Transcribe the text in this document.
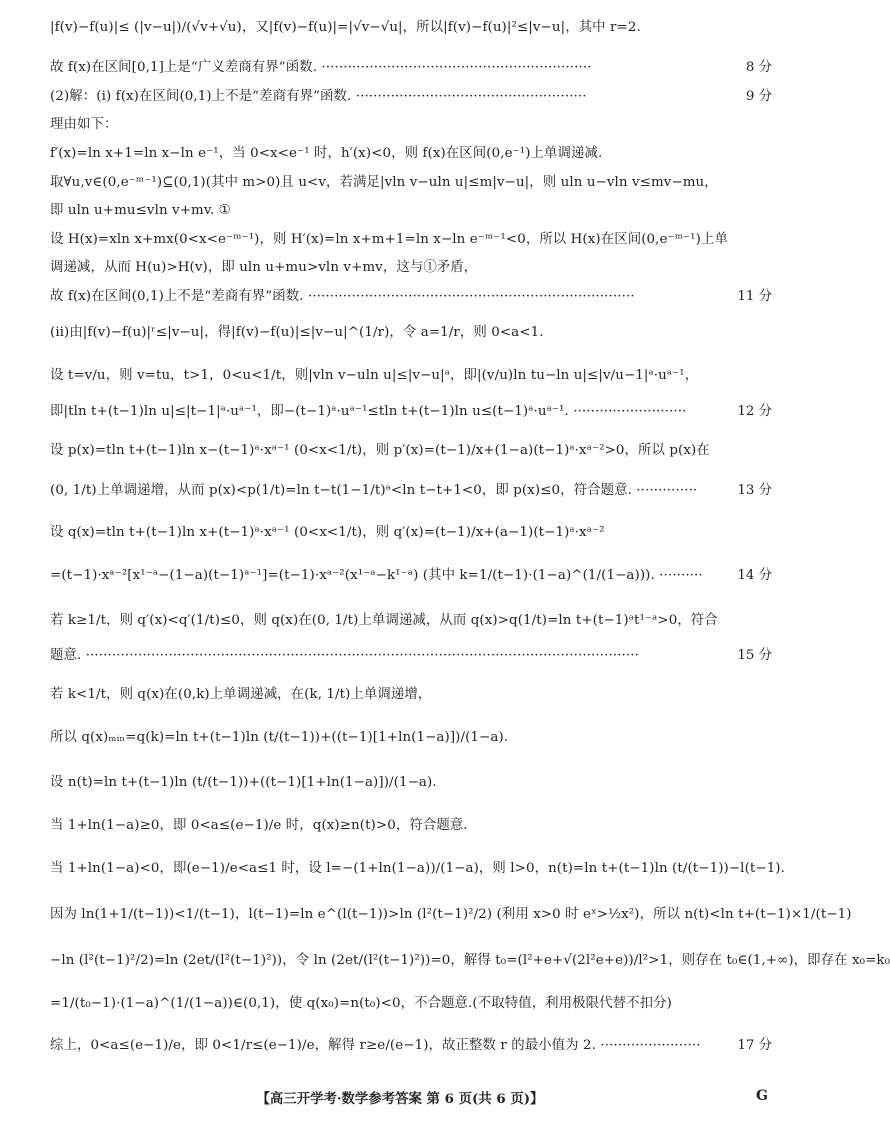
|f(v)−f(u)|≤ (|v−u|)/(√v+√u)，又|f(v)−f(u)|=|√v−√u|，所以|f(v)−f(u)|²≤|v−u|，其中 r=2.
故 f(x)在区间[0,1]上是“广义差商有界”函数. ······························································	8 分
(2)解：(ⅰ) f(x)在区间(0,1)上不是“差商有界”函数. ·····················································	9 分
理由如下：
f′(x)=ln x+1=ln x−ln e⁻¹，当 0<x<e⁻¹ 时，h′(x)<0，则 f(x)在区间(0,e⁻¹)上单调递减.
取∀u,v∈(0,e⁻ᵐ⁻¹)⊆(0,1)(其中 m>0)且 u<v，若满足|vln v−uln u|≤m|v−u|，则 uln u−vln v≤mv−mu，
即 uln u+mu≤vln v+mv. ①
设 H(x)=xln x+mx(0<x<e⁻ᵐ⁻¹)，则 H′(x)=ln x+m+1=ln x−ln e⁻ᵐ⁻¹<0，所以 H(x)在区间(0,e⁻ᵐ⁻¹)上单
调递减，从而 H(u)>H(v)，即 uln u+mu>vln v+mv，这与①矛盾，
故 f(x)在区间(0,1)上不是“差商有界”函数. ···········································································	11 分
(ⅱ)由|f(v)−f(u)|ʳ≤|v−u|，得|f(v)−f(u)|≤|v−u|^(1/r)，令 a=1/r，则 0<a<1.
设 t=v/u，则 v=tu，t>1，0<u<1/t，则|vln v−uln u|≤|v−u|ᵃ，即|(v/u)ln tu−ln u|≤|v/u−1|ᵃ·uᵃ⁻¹，
即|tln t+(t−1)ln u|≤|t−1|ᵃ·uᵃ⁻¹，即−(t−1)ᵃ·uᵃ⁻¹≤tln t+(t−1)ln u≤(t−1)ᵃ·uᵃ⁻¹. ··························	12 分
设 p(x)=tln t+(t−1)ln x−(t−1)ᵃ·xᵃ⁻¹ (0<x<1/t)，则 p′(x)=(t−1)/x+(1−a)(t−1)ᵃ·xᵃ⁻²>0，所以 p(x)在
(0, 1/t)上单调递增，从而 p(x)<p(1/t)=ln t−t(1−1/t)ᵃ<ln t−t+1<0，即 p(x)≤0，符合题意. ··············	13 分
设 q(x)=tln t+(t−1)ln x+(t−1)ᵃ·xᵃ⁻¹ (0<x<1/t)，则 q′(x)=(t−1)/x+(a−1)(t−1)ᵃ·xᵃ⁻²
=(t−1)·xᵃ⁻²[x¹⁻ᵃ−(1−a)(t−1)ᵃ⁻¹]=(t−1)·xᵃ⁻²(x¹⁻ᵃ−k¹⁻ᵃ) (其中 k=1/(t−1)·(1−a)^(1/(1−a))). ··········	14 分
若 k≥1/t，则 q′(x)<q′(1/t)≤0，则 q(x)在(0, 1/t)上单调递减，从而 q(x)>q(1/t)=ln t+(t−1)ᵃt¹⁻ᵃ>0，符合
题意. ·······························································································································	15 分
若 k<1/t，则 q(x)在(0,k)上单调递减，在(k, 1/t)上单调递增，
所以 q(x)ₘᵢₙ=q(k)=ln t+(t−1)ln (t/(t−1))+((t−1)[1+ln(1−a)])/(1−a).
设 n(t)=ln t+(t−1)ln (t/(t−1))+((t−1)[1+ln(1−a)])/(1−a).
当 1+ln(1−a)≥0，即 0<a≤(e−1)/e 时，q(x)≥n(t)>0，符合题意.
当 1+ln(1−a)<0，即(e−1)/e<a≤1 时，设 l=−(1+ln(1−a))/(1−a)，则 l>0，n(t)=ln t+(t−1)ln (t/(t−1))−l(t−1).
因为 ln(1+1/(t−1))<1/(t−1)，l(t−1)=ln e^(l(t−1))>ln (l²(t−1)²/2) (利用 x>0 时 eˣ>½x²)，所以 n(t)<ln t+(t−1)×1/(t−1)
−ln (l²(t−1)²/2)=ln (2et/(l²(t−1)²))，令 ln (2et/(l²(t−1)²))=0，解得 t₀=(l²+e+√(2l²e+e))/l²>1，则存在 t₀∈(1,+∞)，即存在 x₀=k₀
=1/(t₀−1)·(1−a)^(1/(1−a))∈(0,1)，使 q(x₀)=n(t₀)<0，不合题意.(不取特值，利用极限代替不扣分)
综上，0<a≤(e−1)/e，即 0<1/r≤(e−1)/e，解得 r≥e/(e−1)，故正整数 r 的最小值为 2. ·······················	17 分
【高三开学考·数学参考答案 第 6 页(共 6 页)】	G
